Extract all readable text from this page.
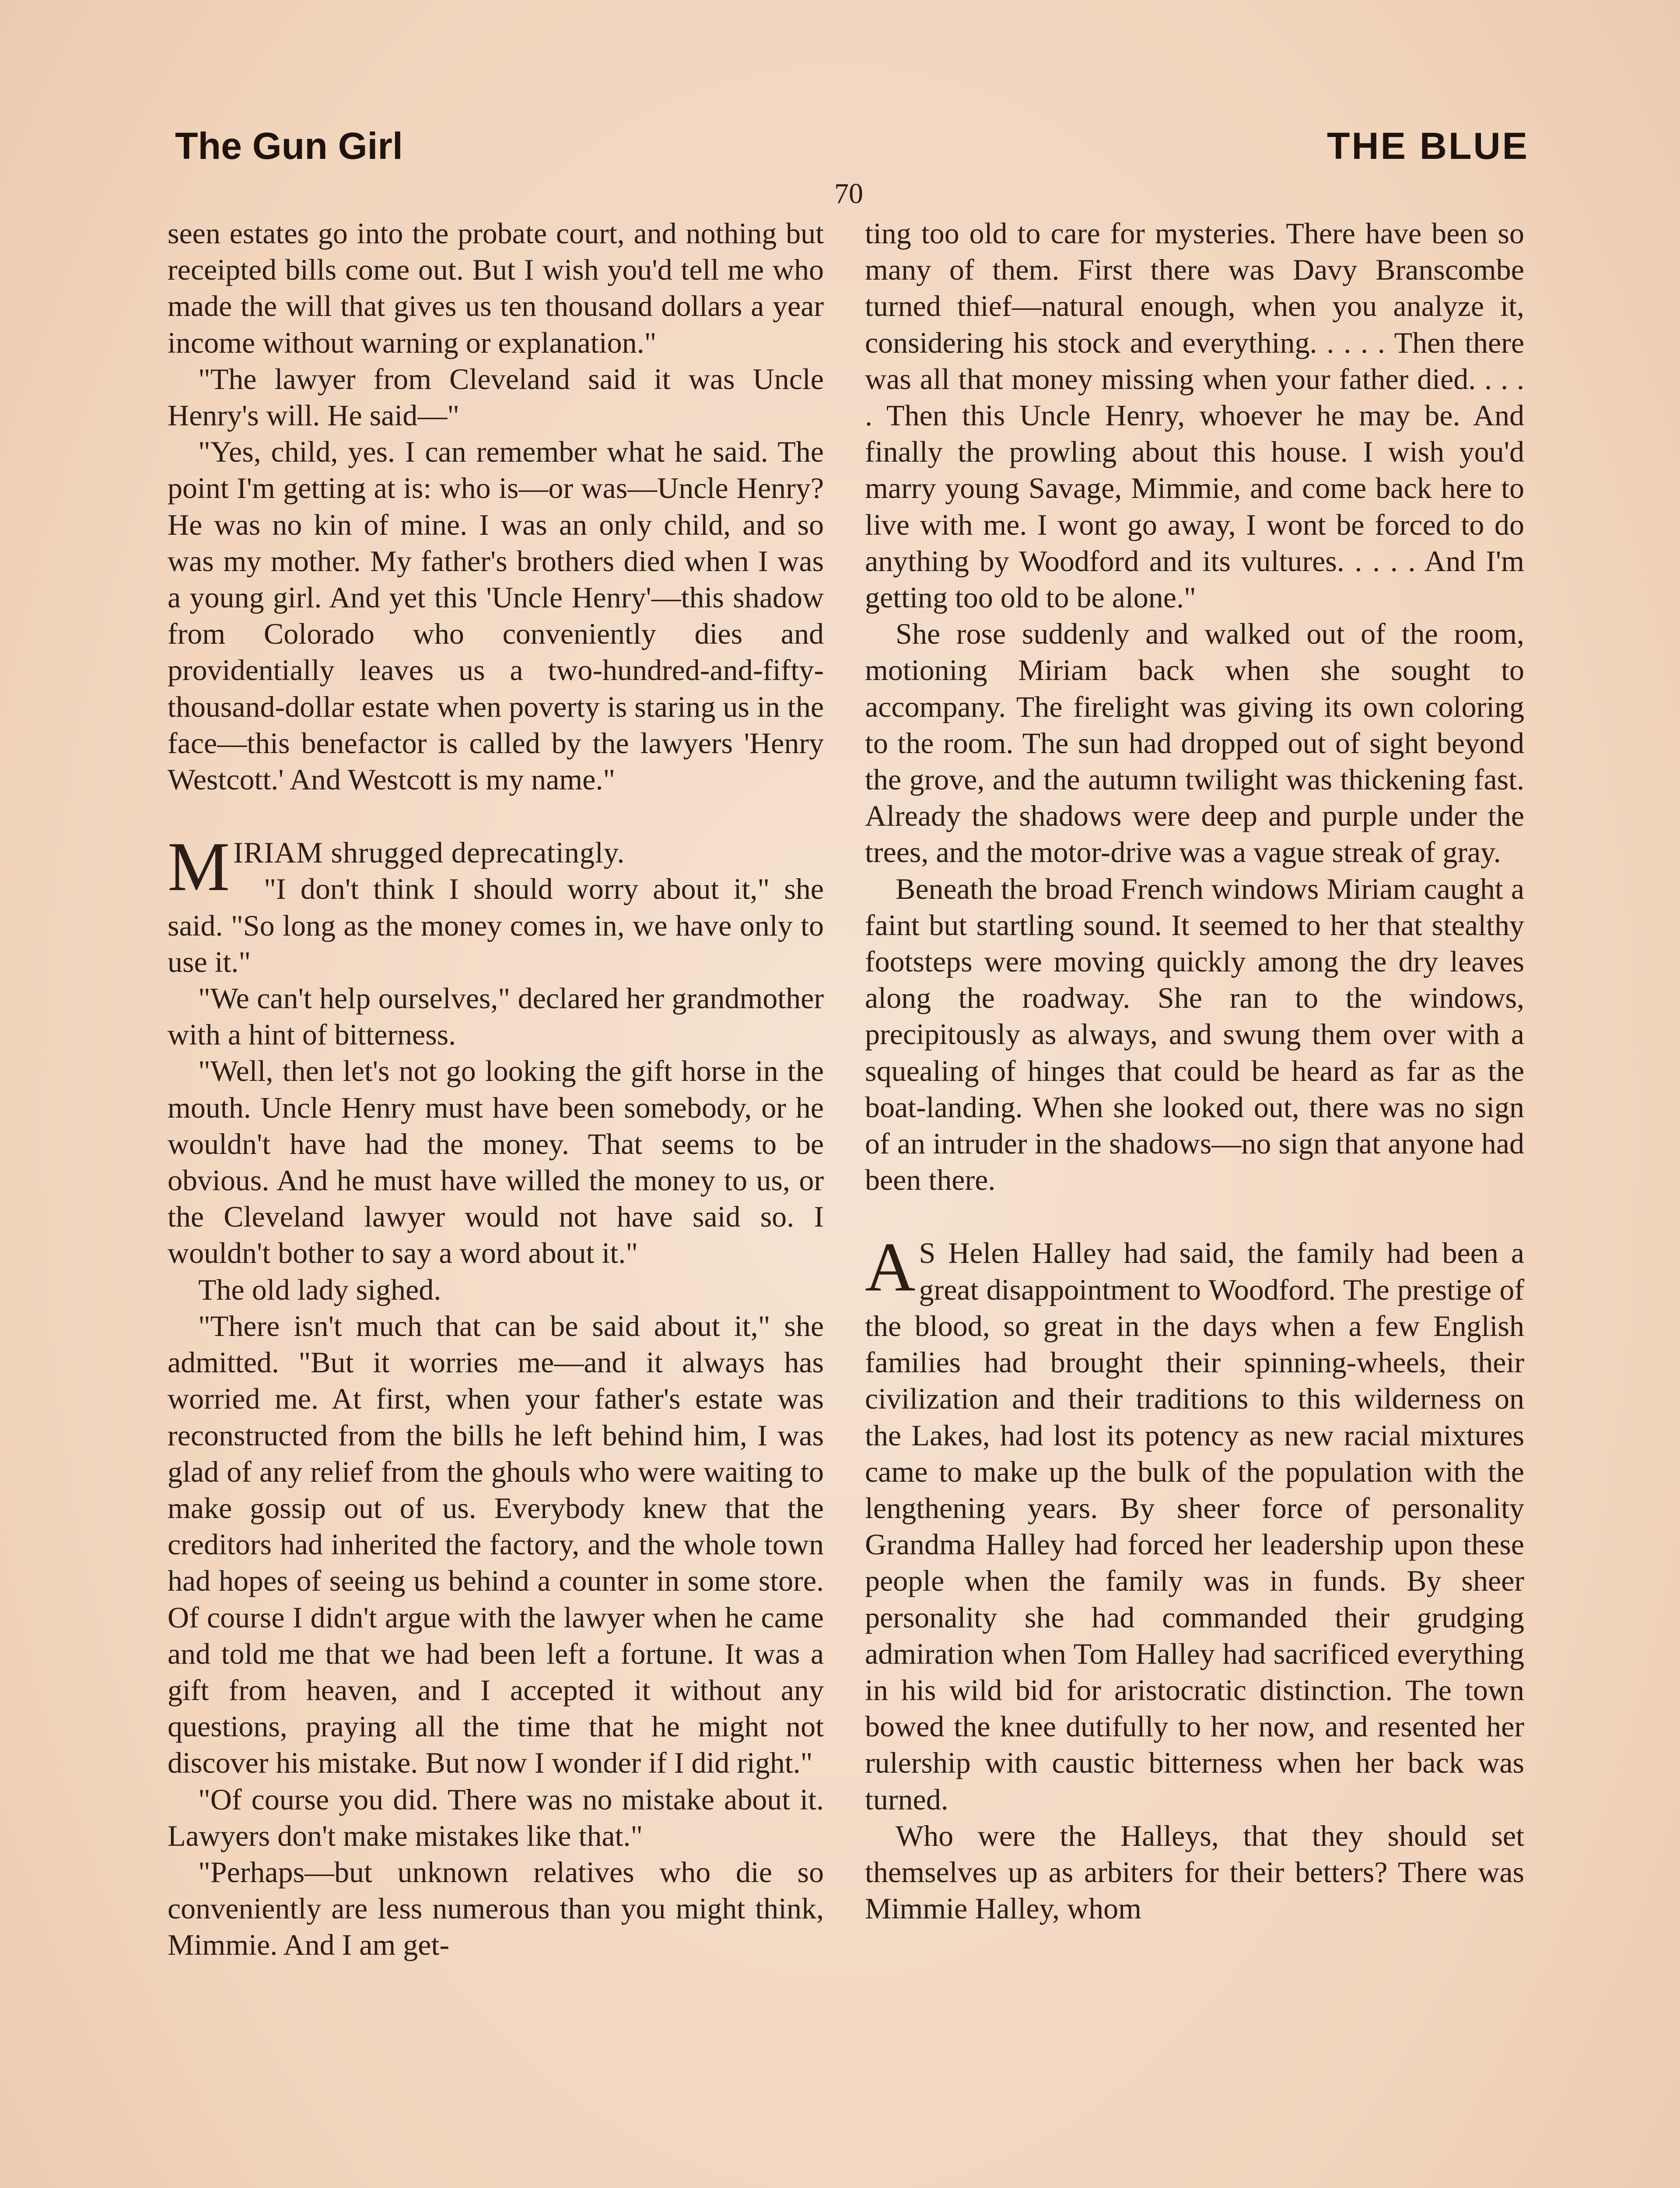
The Gun Girl	THE BLUE
70

seen estates go into the probate court, and nothing but receipted bills come out. But I wish you'd tell me who made the will that gives us ten thousand dollars a year income without warning or explanation."

"The lawyer from Cleveland said it was Uncle Henry's will. He said—"

"Yes, child, yes. I can remember what he said. The point I'm getting at is: who is—or was—Uncle Henry? He was no kin of mine. I was an only child, and so was my mother. My father's brothers died when I was a young girl. And yet this 'Uncle Henry'—this shadow from Colorado who conveniently dies and providentially leaves us a two-hundred-and-fifty-thousand-dollar estate when poverty is staring us in the face—this benefactor is called by the lawyers 'Henry Westcott.' And Westcott is my name."

MIRIAM shrugged deprecatingly.

"I don't think I should worry about it," she said. "So long as the money comes in, we have only to use it."

"We can't help ourselves," declared her grandmother with a hint of bitterness.

"Well, then let's not go looking the gift horse in the mouth. Uncle Henry must have been somebody, or he wouldn't have had the money. That seems to be obvious. And he must have willed the money to us, or the Cleveland lawyer would not have said so. I wouldn't bother to say a word about it."

The old lady sighed.

"There isn't much that can be said about it," she admitted. "But it worries me—and it always has worried me. At first, when your father's estate was reconstructed from the bills he left behind him, I was glad of any relief from the ghouls who were waiting to make gossip out of us. Everybody knew that the creditors had inherited the factory, and the whole town had hopes of seeing us behind a counter in some store. Of course I didn't argue with the lawyer when he came and told me that we had been left a fortune. It was a gift from heaven, and I accepted it without any questions, praying all the time that he might not discover his mistake. But now I wonder if I did right."

"Of course you did. There was no mistake about it. Lawyers don't make mistakes like that."

"Perhaps—but unknown relatives who die so conveniently are less numerous than you might think, Mimmie. And I am get-

ting too old to care for mysteries. There have been so many of them. First there was Davy Branscombe turned thief—natural enough, when you analyze it, considering his stock and everything. . . . . Then there was all that money missing when your father died. . . . . Then this Uncle Henry, whoever he may be. And finally the prowling about this house. I wish you'd marry young Savage, Mimmie, and come back here to live with me. I wont go away, I wont be forced to do anything by Woodford and its vultures. . . . . And I'm getting too old to be alone."

She rose suddenly and walked out of the room, motioning Miriam back when she sought to accompany. The firelight was giving its own coloring to the room. The sun had dropped out of sight beyond the grove, and the autumn twilight was thickening fast. Already the shadows were deep and purple under the trees, and the motor-drive was a vague streak of gray.

Beneath the broad French windows Miriam caught a faint but startling sound. It seemed to her that stealthy footsteps were moving quickly among the dry leaves along the roadway. She ran to the windows, precipitously as always, and swung them over with a squealing of hinges that could be heard as far as the boat-landing. When she looked out, there was no sign of an intruder in the shadows—no sign that anyone had been there.

A S Helen Halley had said, the family had been a great disappointment to Woodford. The prestige of the blood, so great in the days when a few English families had brought their spinning-wheels, their civilization and their traditions to this wilderness on the Lakes, had lost its potency as new racial mixtures came to make up the bulk of the population with the lengthening years. By sheer force of personality Grandma Halley had forced her leadership upon these people when the family was in funds. By sheer personality she had commanded their grudging admiration when Tom Halley had sacrificed everything in his wild bid for aristocratic distinction. The town bowed the knee dutifully to her now, and resented her rulership with caustic bitterness when her back was turned.

Who were the Halleys, that they should set themselves up as arbiters for their betters? There was Mimmie Halley, whom
